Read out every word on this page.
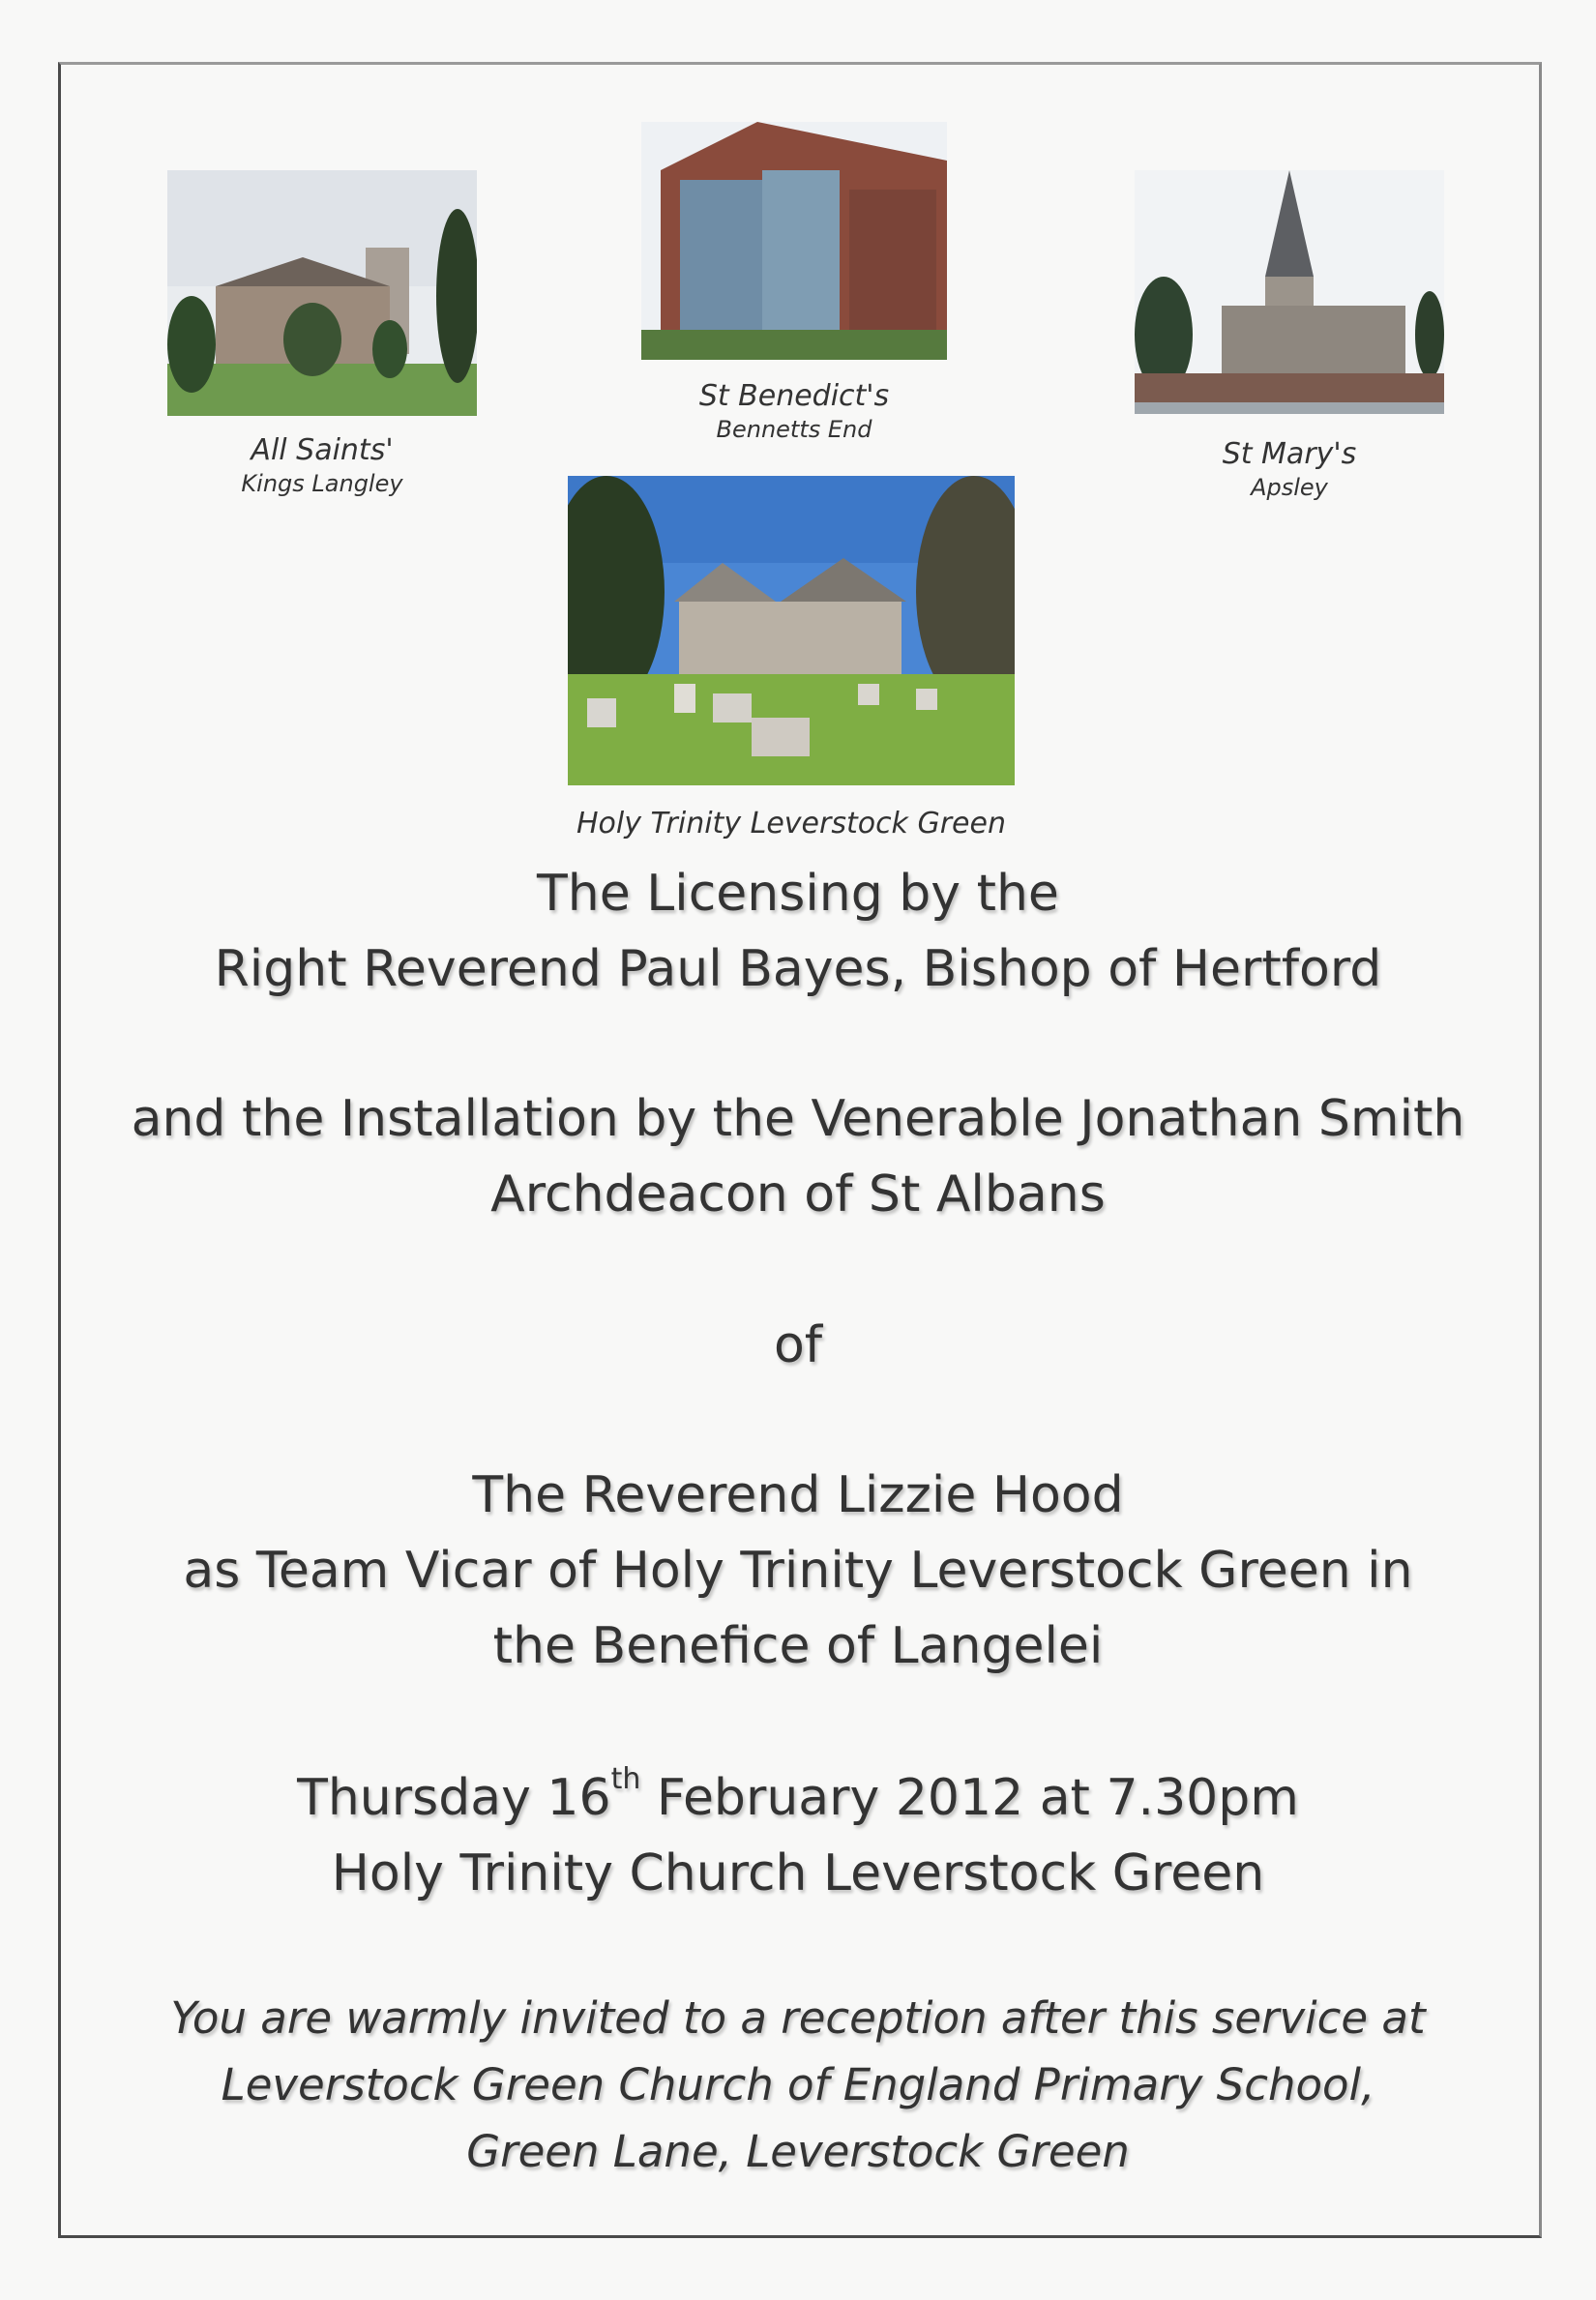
All Saints'
Kings Langley
St Benedict's
Bennetts End
St Mary's
Apsley
Holy Trinity Leverstock Green

The Licensing by the

Right Reverend Paul Bayes, Bishop of Hertford

and the Installation by the Venerable Jonathan Smith

Archdeacon of St Albans

of

The Reverend Lizzie Hood

as Team Vicar of Holy Trinity Leverstock Green in

the Benefice of Langelei

Thursday 16th February 2012 at 7.30pm

Holy Trinity Church Leverstock Green

You are warmly invited to a reception after this service at

Leverstock Green Church of England Primary School,

Green Lane, Leverstock Green
